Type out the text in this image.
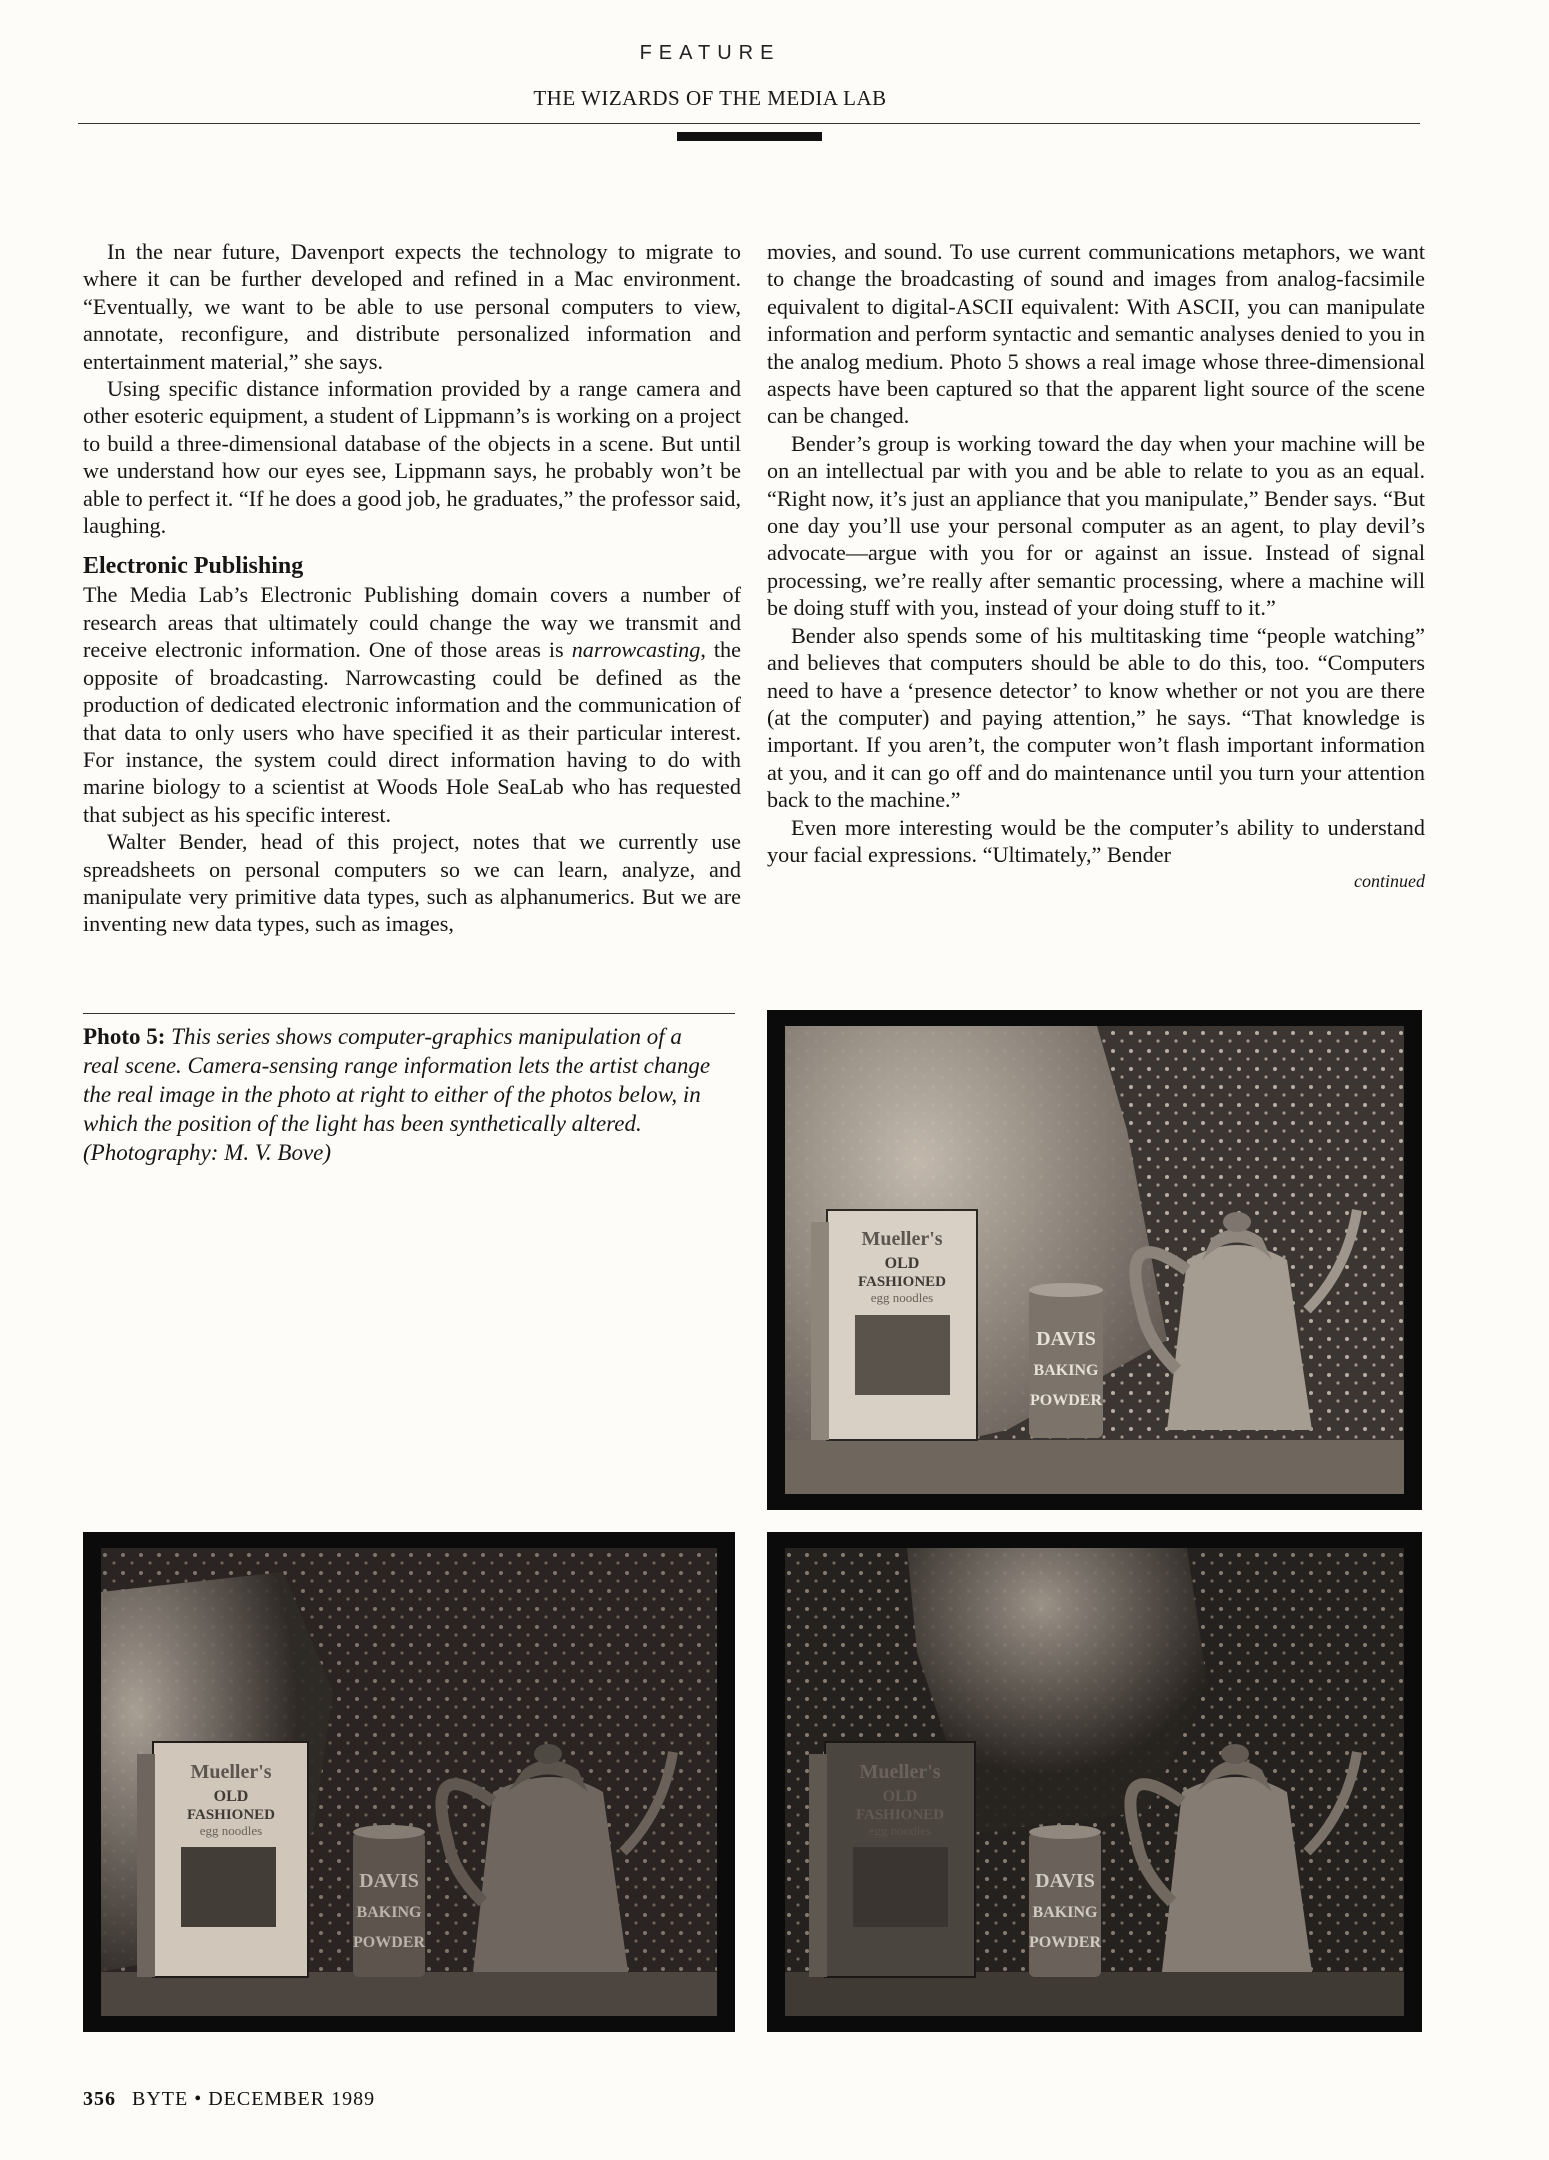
FEATURE
THE WIZARDS OF THE MEDIA LAB

In the near future, Davenport expects the technology to migrate to where it can be further developed and refined in a Mac environment. “Eventually, we want to be able to use personal computers to view, annotate, reconfigure, and distribute personalized information and entertainment material,” she says.

Using specific distance information provided by a range camera and other esoteric equipment, a student of Lippmann’s is working on a project to build a three-dimensional database of the objects in a scene. But until we understand how our eyes see, Lippmann says, he probably won’t be able to perfect it. “If he does a good job, he graduates,” the professor said, laughing.

Electronic Publishing

The Media Lab’s Electronic Publishing domain covers a number of research areas that ultimately could change the way we transmit and receive electronic information. One of those areas is narrowcasting, the opposite of broadcasting. Narrowcasting could be defined as the production of dedicated electronic information and the communication of that data to only users who have specified it as their particular interest. For instance, the system could direct information having to do with marine biology to a scientist at Woods Hole SeaLab who has requested that subject as his specific interest.

Walter Bender, head of this project, notes that we currently use spreadsheets on personal computers so we can learn, analyze, and manipulate very primitive data types, such as alphanumerics. But we are inventing new data types, such as images,

movies, and sound. To use current communications metaphors, we want to change the broadcasting of sound and images from analog-facsimile equivalent to digital-ASCII equivalent: With ASCII, you can manipulate information and perform syntactic and semantic analyses denied to you in the analog medium. Photo 5 shows a real image whose three-dimensional aspects have been captured so that the apparent light source of the scene can be changed.

Bender’s group is working toward the day when your machine will be on an intellectual par with you and be able to relate to you as an equal. “Right now, it’s just an appliance that you manipulate,” Bender says. “But one day you’ll use your personal computer as an agent, to play devil’s advocate—argue with you for or against an issue. Instead of signal processing, we’re really after semantic processing, where a machine will be doing stuff with you, instead of your doing stuff to it.”

Bender also spends some of his multitasking time “people watching” and believes that computers should be able to do this, too. “Computers need to have a ‘presence detector’ to know whether or not you are there (at the computer) and paying attention,” he says. “That knowledge is important. If you aren’t, the computer won’t flash important information at you, and it can go off and do maintenance until you turn your attention back to the machine.”

Even more interesting would be the computer’s ability to understand your facial expressions. “Ultimately,” Bender

continued
Photo 5: This series shows computer-graphics manipulation of a real scene. Camera-sensing range information lets the artist change the real image in the photo at right to either of the photos below, in which the position of the light has been synthetically altered. (Photography: M. V. Bove)
Mueller's
OLD
FASHIONED
egg noodles
DAVIS
BAKING
POWDER
Mueller's
OLD
FASHIONED
egg noodles
DAVIS
BAKING
POWDER
Mueller's
OLD
FASHIONED
egg noodles
DAVIS
BAKING
POWDER
356 BYTE • DECEMBER 1989
